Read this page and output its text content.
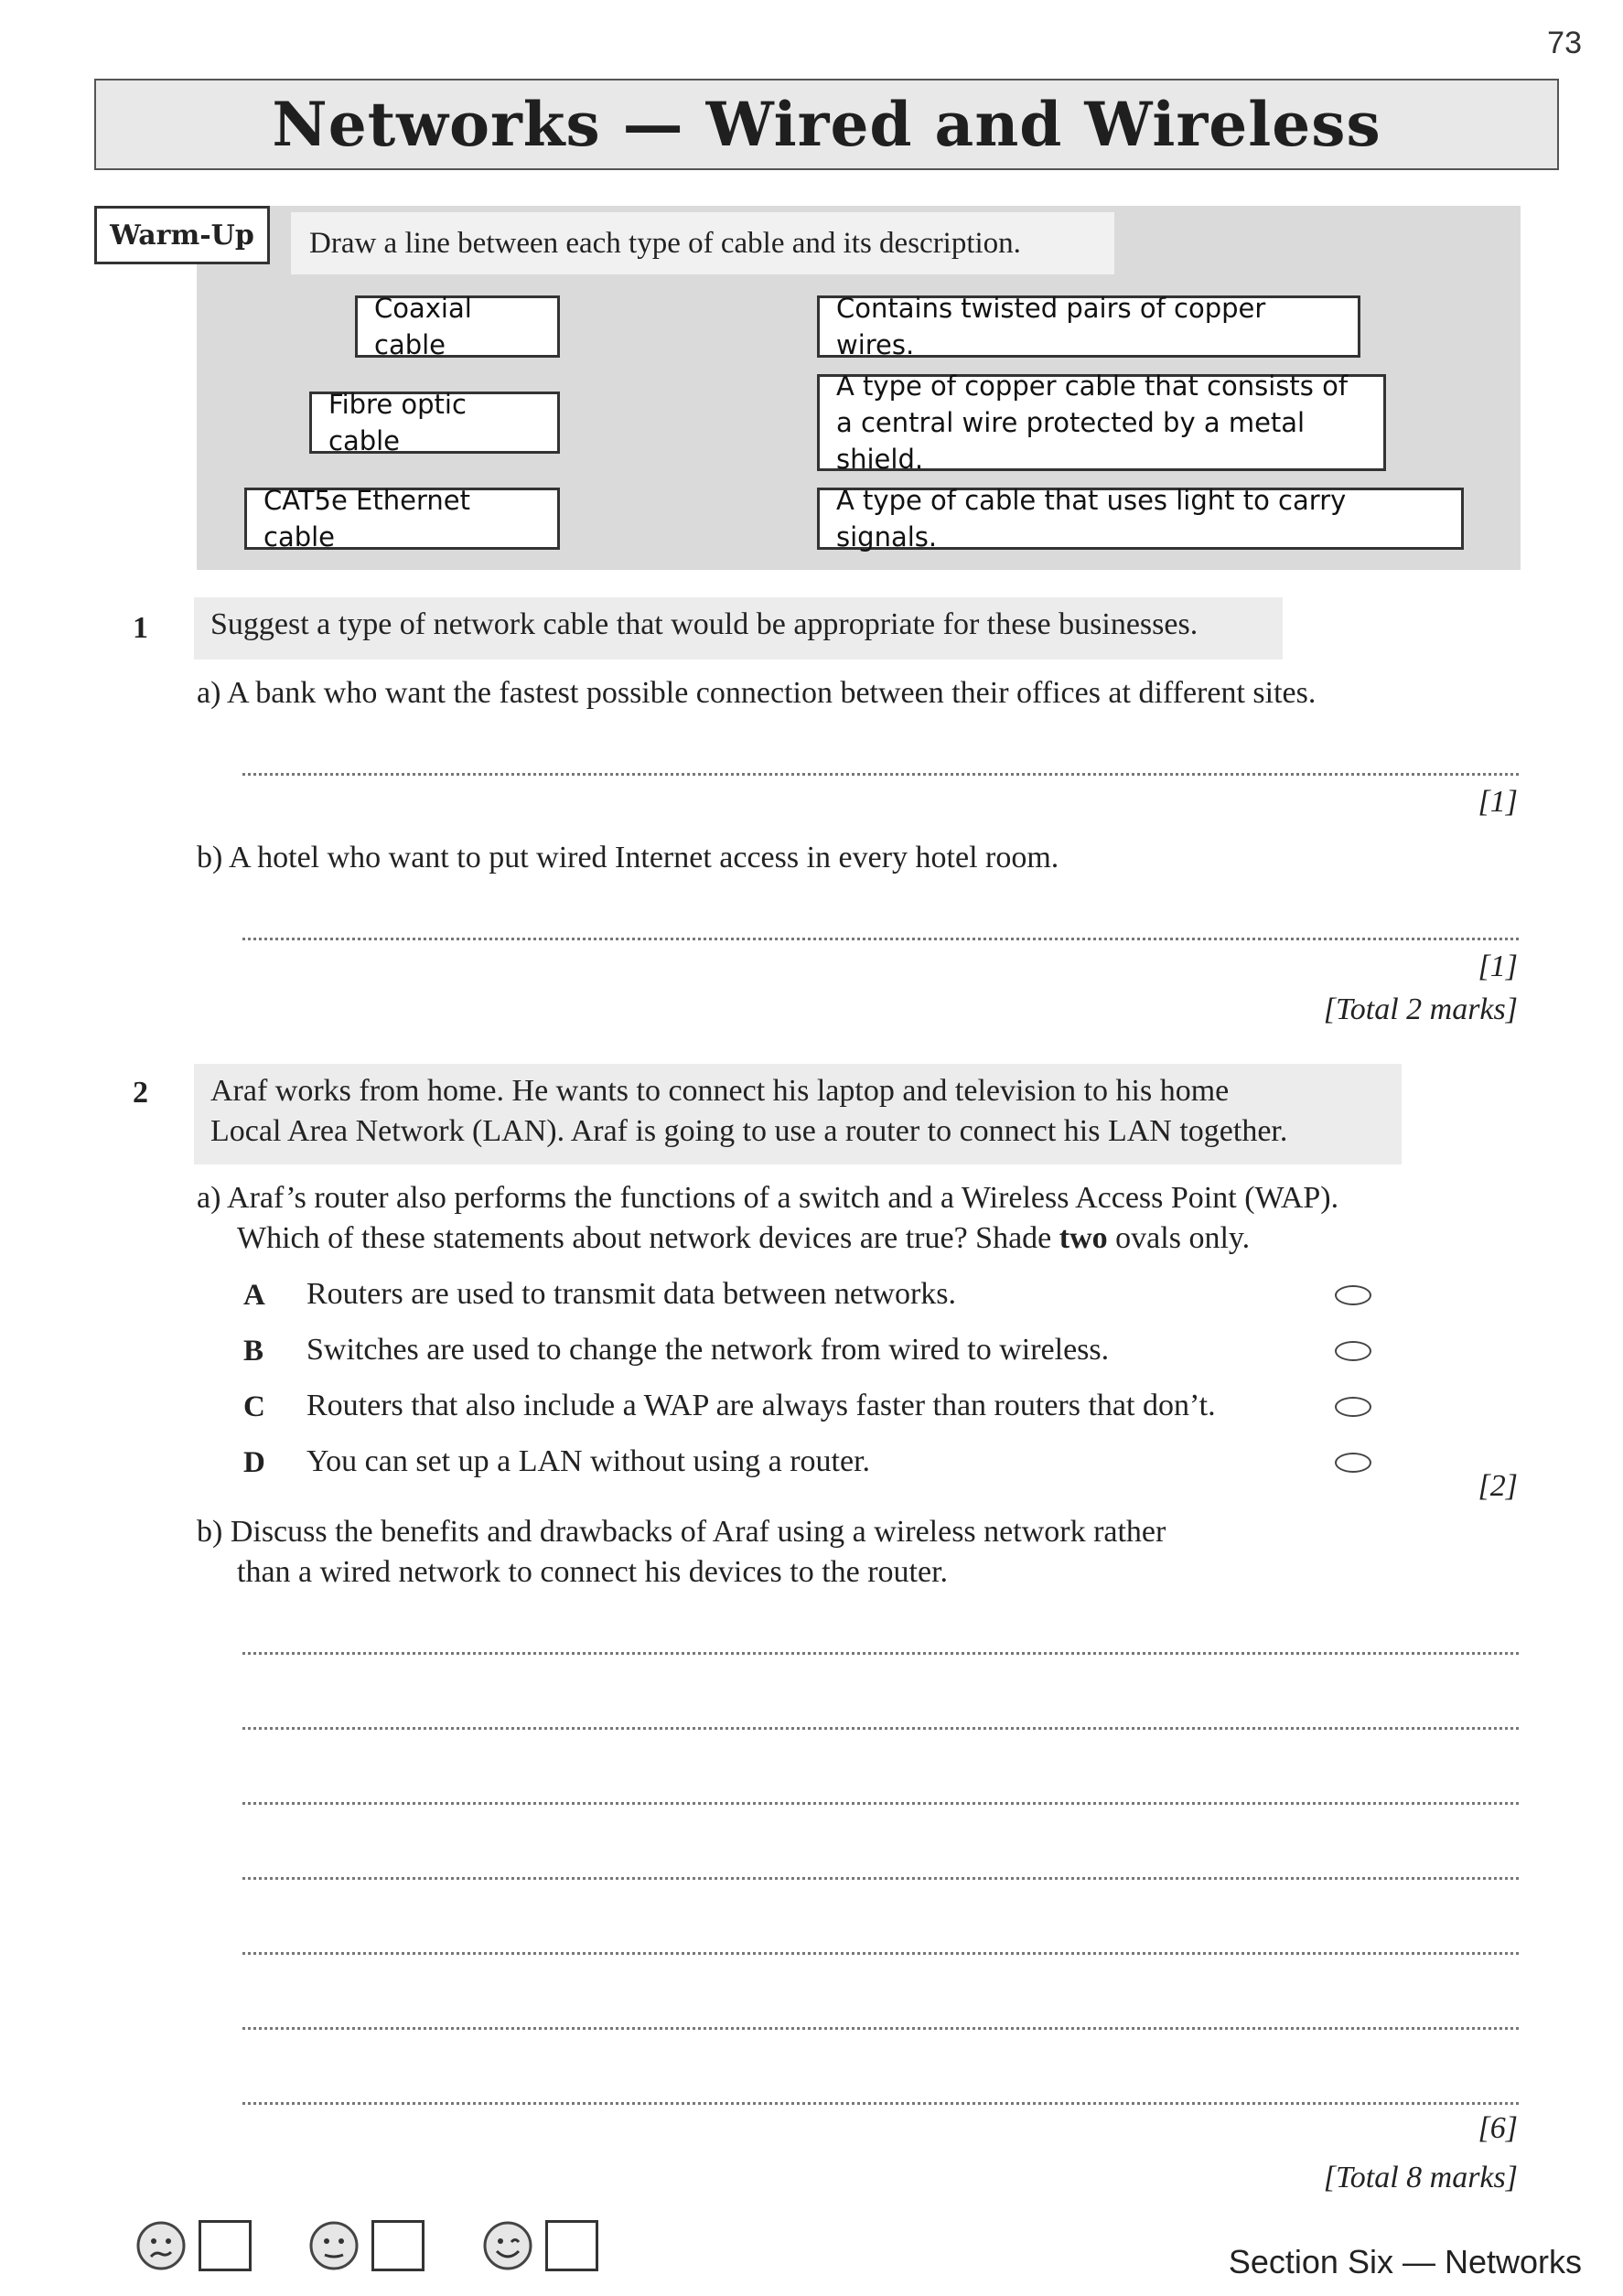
73
Networks — Wired and Wireless
Warm-Up	Draw a line between each type of cable and its description.
Coaxial cable
Fibre optic cable
CAT5e Ethernet cable
Contains twisted pairs of copper wires.
A type of copper cable that consists of a central wire protected by a metal shield.
A type of cable that uses light to carry signals.
1	Suggest a type of network cable that would be appropriate for these businesses.
a) A bank who want the fastest possible connection between their offices at different sites.
[1]
b) A hotel who want to put wired Internet access in every hotel room.
[1]
[Total 2 marks]
2 Araf works from home. He wants to connect his laptop and television to his home
Local Area Network (LAN). Araf is going to use a router to connect his LAN together.
a) Araf’s router also performs the functions of a switch and a Wireless Access Point (WAP).
Which of these statements about network devices are true? Shade two ovals only.
A Routers are used to transmit data between networks.
B Switches are used to change the network from wired to wireless.
C Routers that also include a WAP are always faster than routers that don’t.
D You can set up a LAN without using a router.
[2]
b) Discuss the benefits and drawbacks of Araf using a wireless network rather
than a wired network to connect his devices to the router.
[6]
[Total 8 marks]
Section Six — Networks
